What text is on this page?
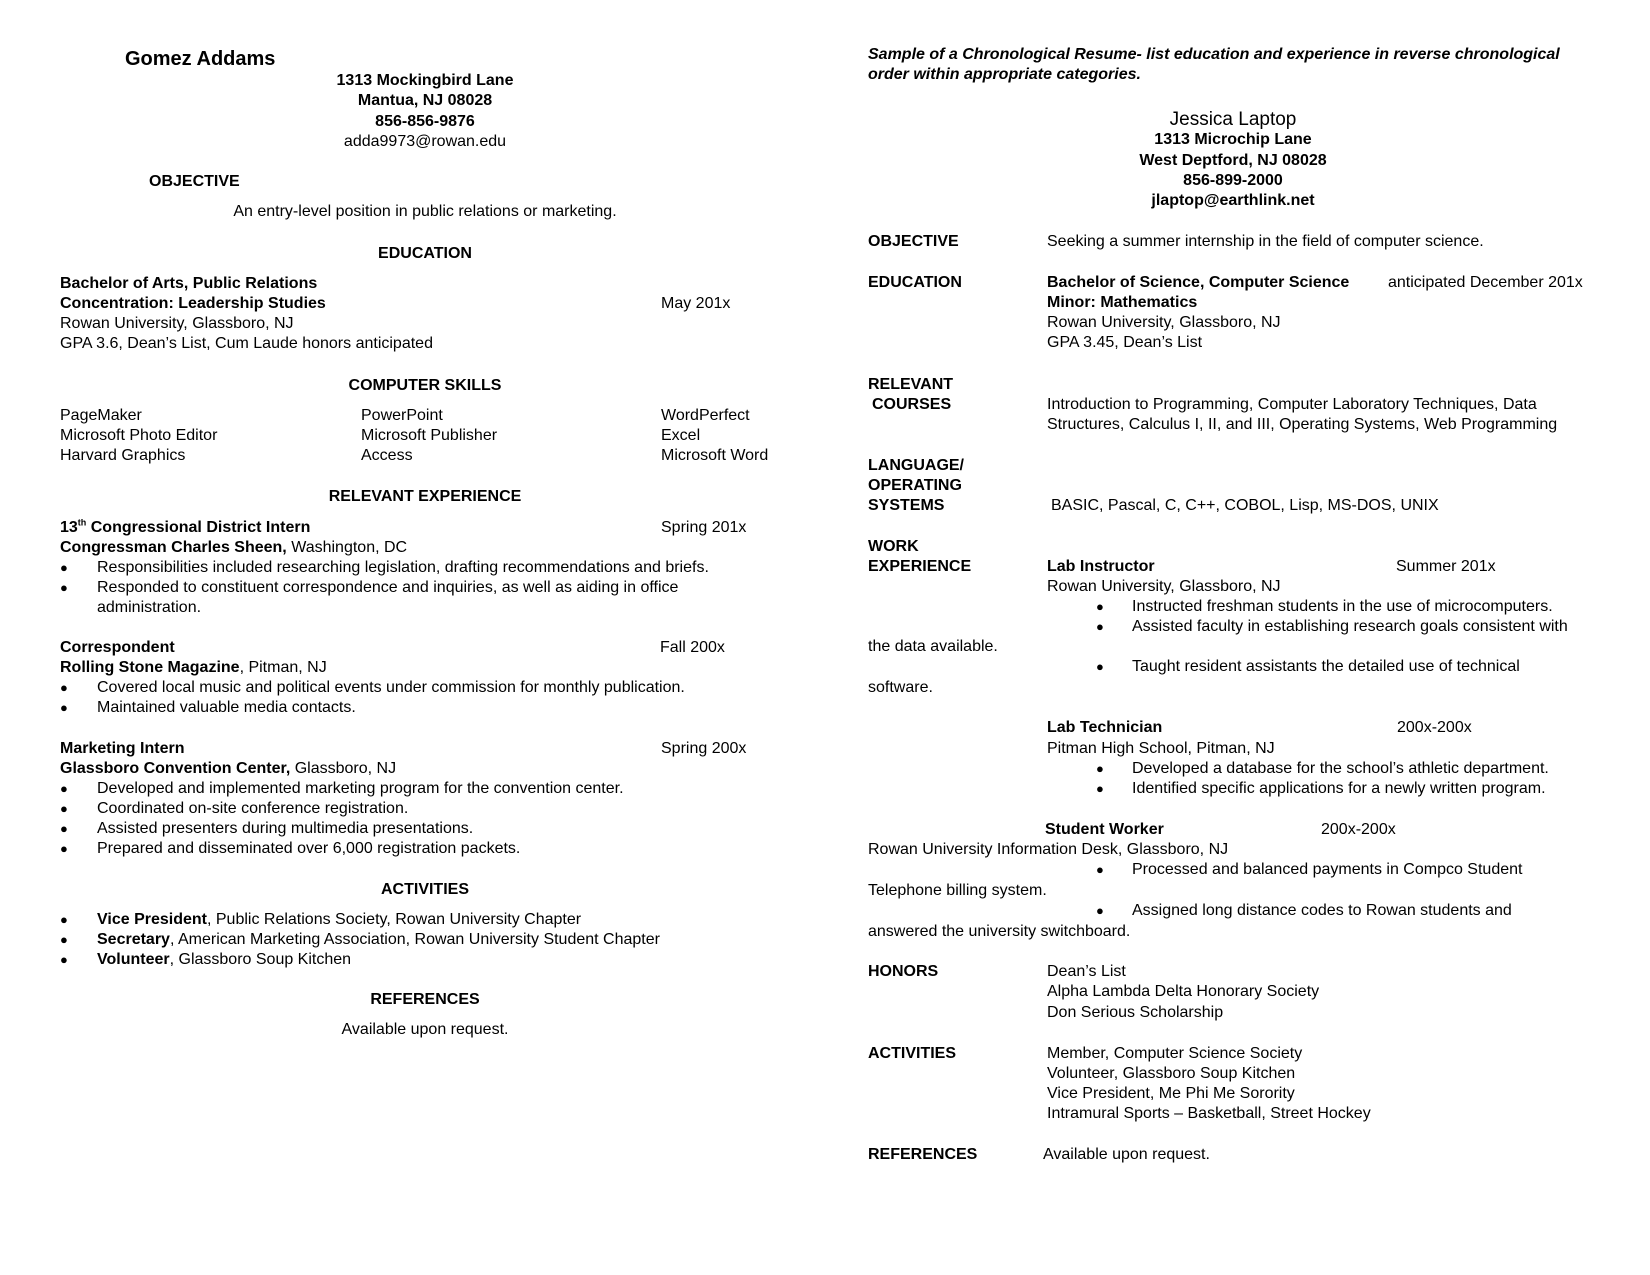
Gomez Addams
1313 Mockingbird Lane
Mantua, NJ 08028
856-856-9876
adda9973@rowan.edu
OBJECTIVE
An entry-level position in public relations or marketing.
EDUCATION
Bachelor of Arts, Public Relations
Concentration: Leadership Studies	May 201x
Rowan University, Glassboro, NJ
GPA 3.6, Dean’s List, Cum Laude honors anticipated
COMPUTER SKILLS
PageMaker	PowerPoint	WordPerfect
Microsoft Photo Editor	Microsoft Publisher	Excel
Harvard Graphics	Access	Microsoft Word
RELEVANT EXPERIENCE
13th Congressional District Intern	Spring 201x
Congressman Charles Sheen, Washington, DC
● Responsibilities included researching legislation, drafting recommendations and briefs.
● Responded to constituent correspondence and inquiries, as well as aiding in office
administration.
Correspondent	Fall 200x
Rolling Stone Magazine, Pitman, NJ
● Covered local music and political events under commission for monthly publication.
● Maintained valuable media contacts.
Marketing Intern	Spring 200x
Glassboro Convention Center, Glassboro, NJ
● Developed and implemented marketing program for the convention center.
● Coordinated on-site conference registration.
● Assisted presenters during multimedia presentations.
● Prepared and disseminated over 6,000 registration packets.
ACTIVITIES
● Vice President, Public Relations Society, Rowan University Chapter
● Secretary, American Marketing Association, Rowan University Student Chapter
● Volunteer, Glassboro Soup Kitchen
REFERENCES
Available upon request.
Sample of a Chronological Resume- list education and experience in reverse chronological
order within appropriate categories.
Jessica Laptop
1313 Microchip Lane
West Deptford, NJ 08028
856-899-2000
jlaptop@earthlink.net
OBJECTIVE	Seeking a summer internship in the field of computer science.
EDUCATION	Bachelor of Science, Computer Science anticipated December 201x
Minor: Mathematics
Rowan University, Glassboro, NJ
GPA 3.45, Dean’s List
RELEVANT
COURSES	Introduction to Programming, Computer Laboratory Techniques, Data
Structures, Calculus I, II, and III, Operating Systems, Web Programming
LANGUAGE/
OPERATING
SYSTEMS	BASIC, Pascal, C, C++, COBOL, Lisp, MS-DOS, UNIX
WORK
EXPERIENCE	Lab Instructor	Summer 201x
Rowan University, Glassboro, NJ
● Instructed freshman students in the use of microcomputers.
● Assisted faculty in establishing research goals consistent with
the data available.
● Taught resident assistants the detailed use of technical
software.
Lab Technician	200x-200x
Pitman High School, Pitman, NJ
● Developed a database for the school’s athletic department.
● Identified specific applications for a newly written program.
Student Worker	200x-200x
Rowan University Information Desk, Glassboro, NJ
● Processed and balanced payments in Compco Student
Telephone billing system.
● Assigned long distance codes to Rowan students and
answered the university switchboard.
HONORS	Dean’s List
Alpha Lambda Delta Honorary Society
Don Serious Scholarship
ACTIVITIES	Member, Computer Science Society
Volunteer, Glassboro Soup Kitchen
Vice President, Me Phi Me Sorority
Intramural Sports – Basketball, Street Hockey
REFERENCES	Available upon request.
